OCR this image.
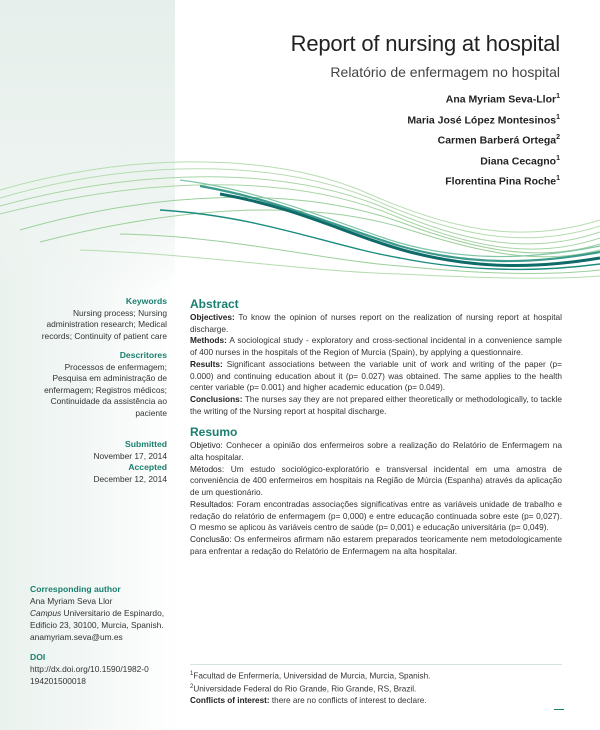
Report of nursing at hospital
Relatório de enfermagem no hospital
Ana Myriam Seva-Llor$^1$
Maria José López Montesinos$^1$
Carmen Barberá Ortega$^2$
Diana Cecagno$^1$
Florentina Pina Roche$^1$
Keywords
Nursing process; Nursing administration research; Medical records; Continuity of patient care
Descritores
Processos de enfermagem; Pesquisa em administração de enfermagem; Registros médicos; Continuidade da assistência ao paciente
Submitted
November 17, 2014
Accepted
December 12, 2014
Corresponding author
Ana Myriam Seva Llor
Campus Universitario de Espinardo,
Edificio 23, 30100, Murcia, Spanish.
anamyriam.seva@um.es
DOI
http://dx.doi.org/10.1590/1982-0194201500018
Abstract

Objectives: To know the opinion of nurses report on the realization of nursing report at hospital discharge.

Methods: A sociological study - exploratory and cross-sectional incidental in a convenience sample of 400 nurses in the hospitals of the Region of Murcia (Spain), by applying a questionnaire.

Results: Significant associations between the variable unit of work and writing of the paper (p= 0.000) and continuing education about it (p= 0.027) was obtained. The same applies to the health center variable (p= 0.001) and higher academic education (p= 0.049).

Conclusions: The nurses say they are not prepared either theoretically or methodologically, to tackle the writing of the Nursing report at hospital discharge.

Resumo

Objetivo: Conhecer a opinião dos enfermeiros sobre a realização do Relatório de Enfermagem na alta hospitalar.

Métodos: Um estudo sociológico-exploratório e transversal incidental em uma amostra de conveniência de 400 enfermeiros em hospitais na Região de Múrcia (Espanha) através da aplicação de um questionário.

Resultados: Foram encontradas associações significativas entre as variáveis unidade de trabalho e redação do relatório de enfermagem (p= 0,000) e entre educação continuada sobre este (p= 0,027). O mesmo se aplicou às variáveis centro de saúde (p= 0,001) e educação universitária (p= 0,049).

Conclusão: Os enfermeiros afirmam não estarem preparados teoricamente nem metodologicamente para enfrentar a redação do Relatório de Enfermagem na alta hospitalar.

$^1$Facultad de Enfermería, Universidad de Murcia, Murcia, Spanish.
$^2$Universidade Federal do Rio Grande, Rio Grande, RS, Brazil.
Conflicts of interest: there are no conflicts of interest to declare.
